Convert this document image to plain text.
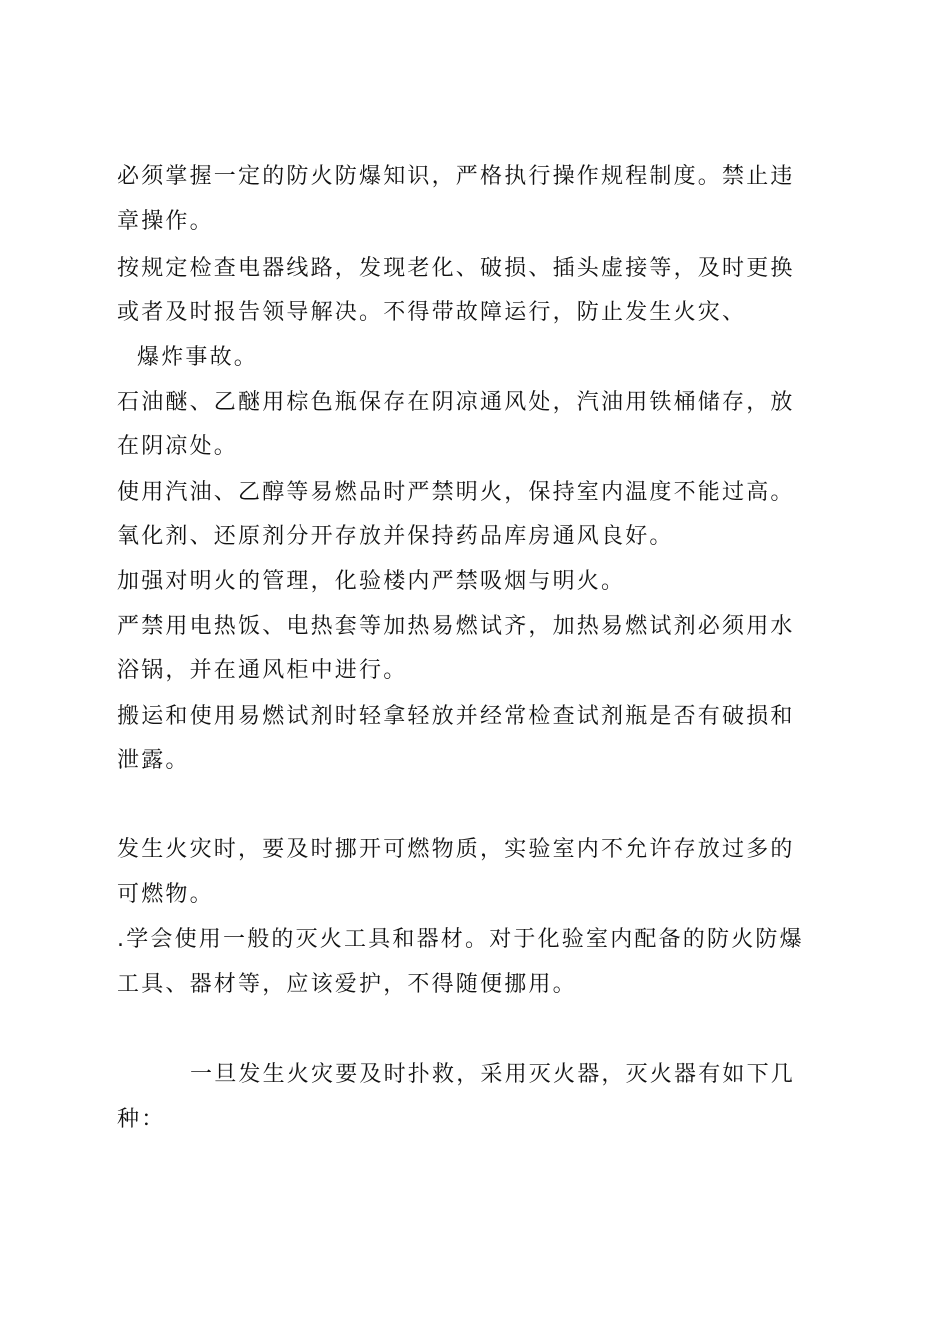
必须掌握一定的防火防爆知识，严格执行操作规程制度。禁止违
章操作。
按规定检查电器线路，发现老化、破损、插头虚接等，及时更换
或者及时报告领导解决。不得带故障运行，防止发生火灾、
爆炸事故。
石油醚、乙醚用棕色瓶保存在阴凉通风处，汽油用铁桶储存，放
在阴凉处。
使用汽油、乙醇等易燃品时严禁明火，保持室内温度不能过高。
氧化剂、还原剂分开存放并保持药品库房通风良好。
加强对明火的管理，化验楼内严禁吸烟与明火。
严禁用电热饭、电热套等加热易燃试齐，加热易燃试剂必须用水
浴锅，并在通风柜中进行。
搬运和使用易燃试剂时轻拿轻放并经常检查试剂瓶是否有破损和
泄露。
发生火灾时，要及时挪开可燃物质，实验室内不允许存放过多的
可燃物。
.学会使用一般的灭火工具和器材。对于化验室内配备的防火防爆
工具、器材等，应该爱护，不得随便挪用。
一旦发生火灾要及时扑救，采用灭火器，灭火器有如下几
种：
